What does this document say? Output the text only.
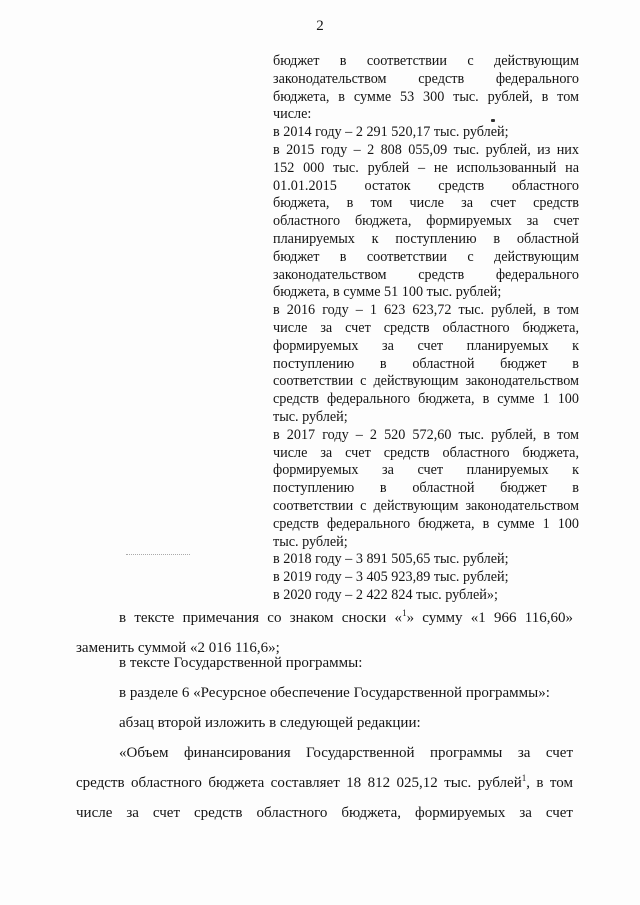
2
бюджет в соответствии с действующим
законодательством средств федерального
бюджета, в сумме 53 300 тыс. рублей, в том
числе:
в 2014 году – 2 291 520,17 тыс. рублей;
в 2015 году – 2 808 055,09 тыс. рублей, из них
152 000 тыс. рублей – не использованный на
01.01.2015 остаток средств областного
бюджета, в том числе за счет средств
областного бюджета, формируемых за счет
планируемых к поступлению в областной
бюджет в соответствии с действующим
законодательством средств федерального
бюджета, в сумме 51 100 тыс. рублей;
в 2016 году – 1 623 623,72 тыс. рублей, в том
числе за счет средств областного бюджета,
формируемых за счет планируемых к
поступлению в областной бюджет в
соответствии с действующим законодательством
средств федерального бюджета, в сумме 1 100
тыс. рублей;
в 2017 году – 2 520 572,60 тыс. рублей, в том
числе за счет средств областного бюджета,
формируемых за счет планируемых к
поступлению в областной бюджет в
соответствии с действующим законодательством
средств федерального бюджета, в сумме 1 100
тыс. рублей;
в 2018 году – 3 891 505,65 тыс. рублей;
в 2019 году – 3 405 923,89 тыс. рублей;
в 2020 году – 2 422 824 тыс. рублей»;
в тексте примечания со знаком сноски «$^1$» сумму «1 966 116,60»
заменить суммой «2 016 116,6»;
в тексте Государственной программы:
в разделе 6 «Ресурсное обеспечение Государственной программы»:
абзац второй изложить в следующей редакции:
«Объем финансирования Государственной программы за счет
средств областного бюджета составляет 18 812 025,12 тыс. рублей$^1$, в том
числе за счет средств областного бюджета, формируемых за счет
